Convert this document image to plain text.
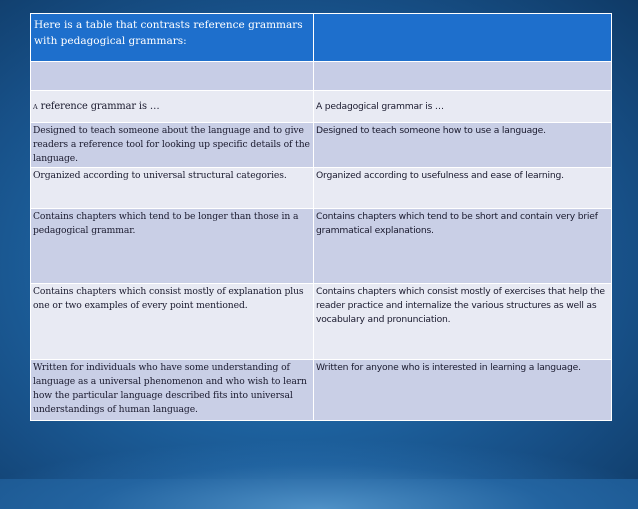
Here is a table that contrasts reference grammars with pedagogical grammars:	

A reference grammar is …	A pedagogical grammar is …
Designed to teach someone about the language and to give readers a reference tool for looking up specific details of the language.	Designed to teach someone how to use a language.
Organized according to universal structural categories.	Organized according to usefulness and ease of learning.
Contains chapters which tend to be longer than those in a pedagogical grammar.	Contains chapters which tend to be short and contain very brief grammatical explanations.
Contains chapters which consist mostly of explanation plus one or two examples of every point mentioned.	Contains chapters which consist mostly of exercises that help the reader practice and internalize the various structures as well as vocabulary and pronunciation.
Written for individuals who have some understanding of language as a universal phenomenon and who wish to learn how the particular language described fits into universal understandings of human language.	Written for anyone who is interested in learning a language.
